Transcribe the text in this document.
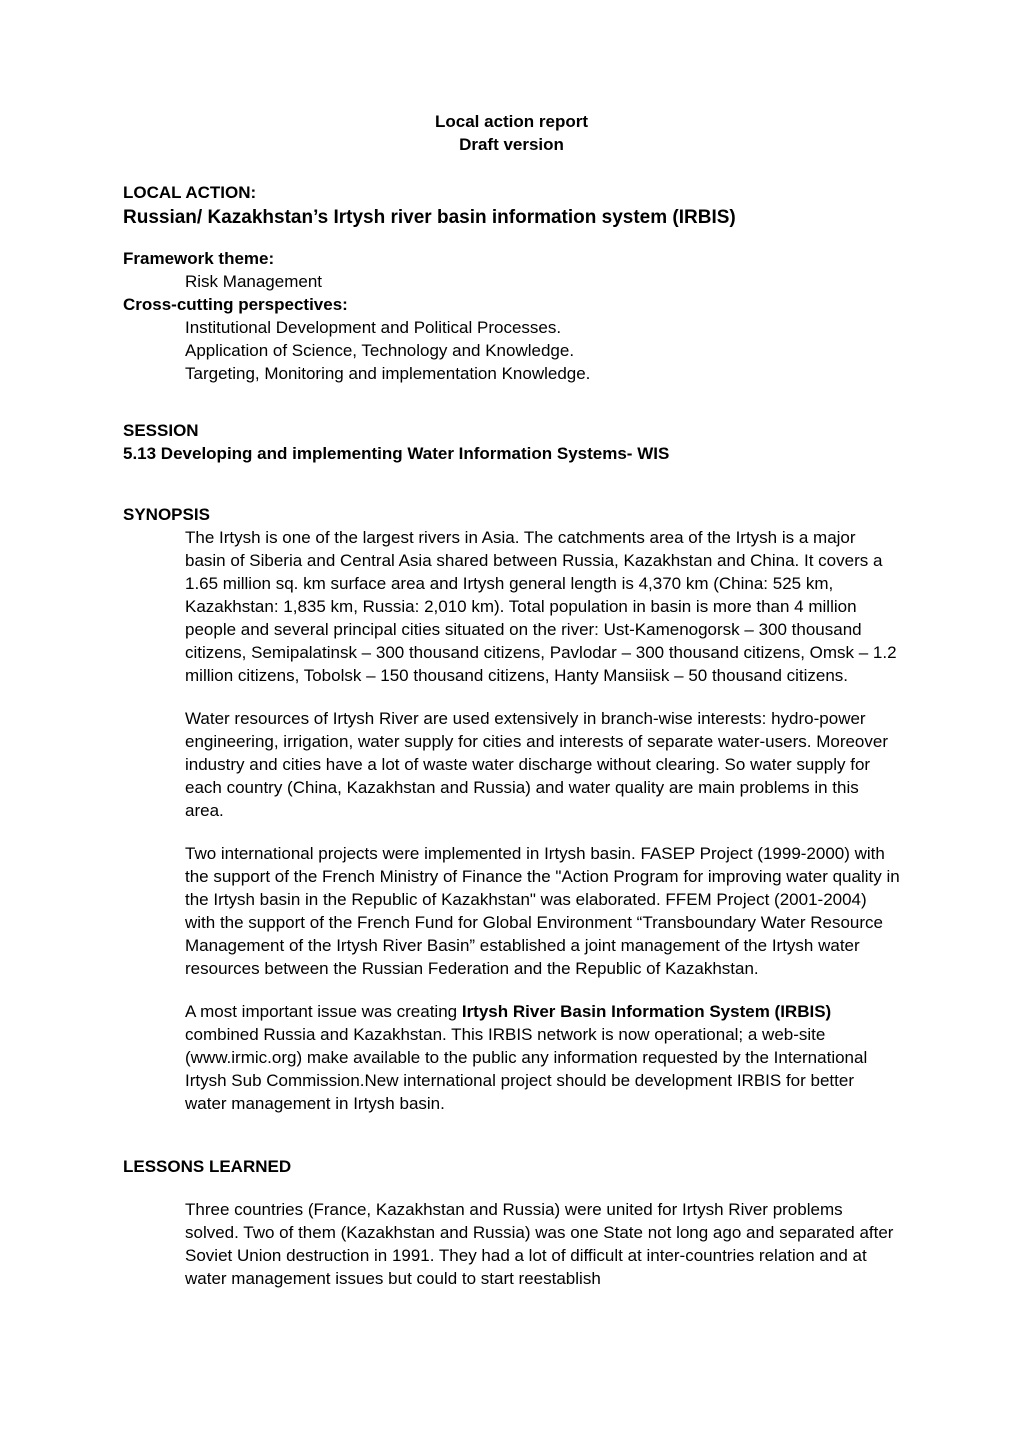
Local action report

Draft version

LOCAL ACTION:

Russian/ Kazakhstan’s Irtysh river basin information system (IRBIS)

Framework theme:

Risk Management

Cross-cutting perspectives:

Institutional Development and Political Processes.

Application of Science, Technology and Knowledge.

Targeting, Monitoring and implementation Knowledge.

SESSION

5.13 Developing and implementing Water Information Systems- WIS

SYNOPSIS

The Irtysh is one of the largest rivers in Asia. The catchments area of the Irtysh is a major basin of Siberia and Central Asia shared between Russia, Kazakhstan and China. It covers a 1.65 million sq. km surface area and Irtysh general length is 4,370 km (China: 525 km, Kazakhstan: 1,835 km, Russia: 2,010 km). Total population in basin is more than 4 million people and several principal cities situated on the river: Ust-Kamenogorsk – 300 thousand citizens, Semipalatinsk – 300 thousand citizens, Pavlodar – 300 thousand citizens, Omsk – 1.2 million citizens, Tobolsk – 150 thousand citizens, Hanty Mansiisk – 50 thousand citizens.

Water resources of Irtysh River are used extensively in branch-wise interests: hydro-power engineering, irrigation, water supply for cities and interests of separate water-users. Moreover industry and cities have a lot of waste water discharge without clearing. So water supply for each country (China, Kazakhstan and Russia) and water quality are main problems in this area.

Two international projects were implemented in Irtysh basin. FASEP Project (1999-2000) with the support of the French Ministry of Finance the "Action Program for improving water quality in the Irtysh basin in the Republic of Kazakhstan" was elaborated. FFEM Project (2001-2004) with the support of the French Fund for Global Environment “Transboundary Water Resource Management of the Irtysh River Basin” established a joint management of the Irtysh water resources between the Russian Federation and the Republic of Kazakhstan.

A most important issue was creating Irtysh River Basin Information System (IRBIS) combined Russia and Kazakhstan. This IRBIS network is now operational; a web-site (www.irmic.org) make available to the public any information requested by the International Irtysh Sub Commission.New international project should be development IRBIS for better water management in Irtysh basin.

LESSONS LEARNED

Three countries (France, Kazakhstan and Russia) were united for Irtysh River problems solved. Two of them (Kazakhstan and Russia) was one State not long ago and separated after Soviet Union destruction in 1991. They had a lot of difficult at inter-countries relation and at water management issues but could to start reestablish
